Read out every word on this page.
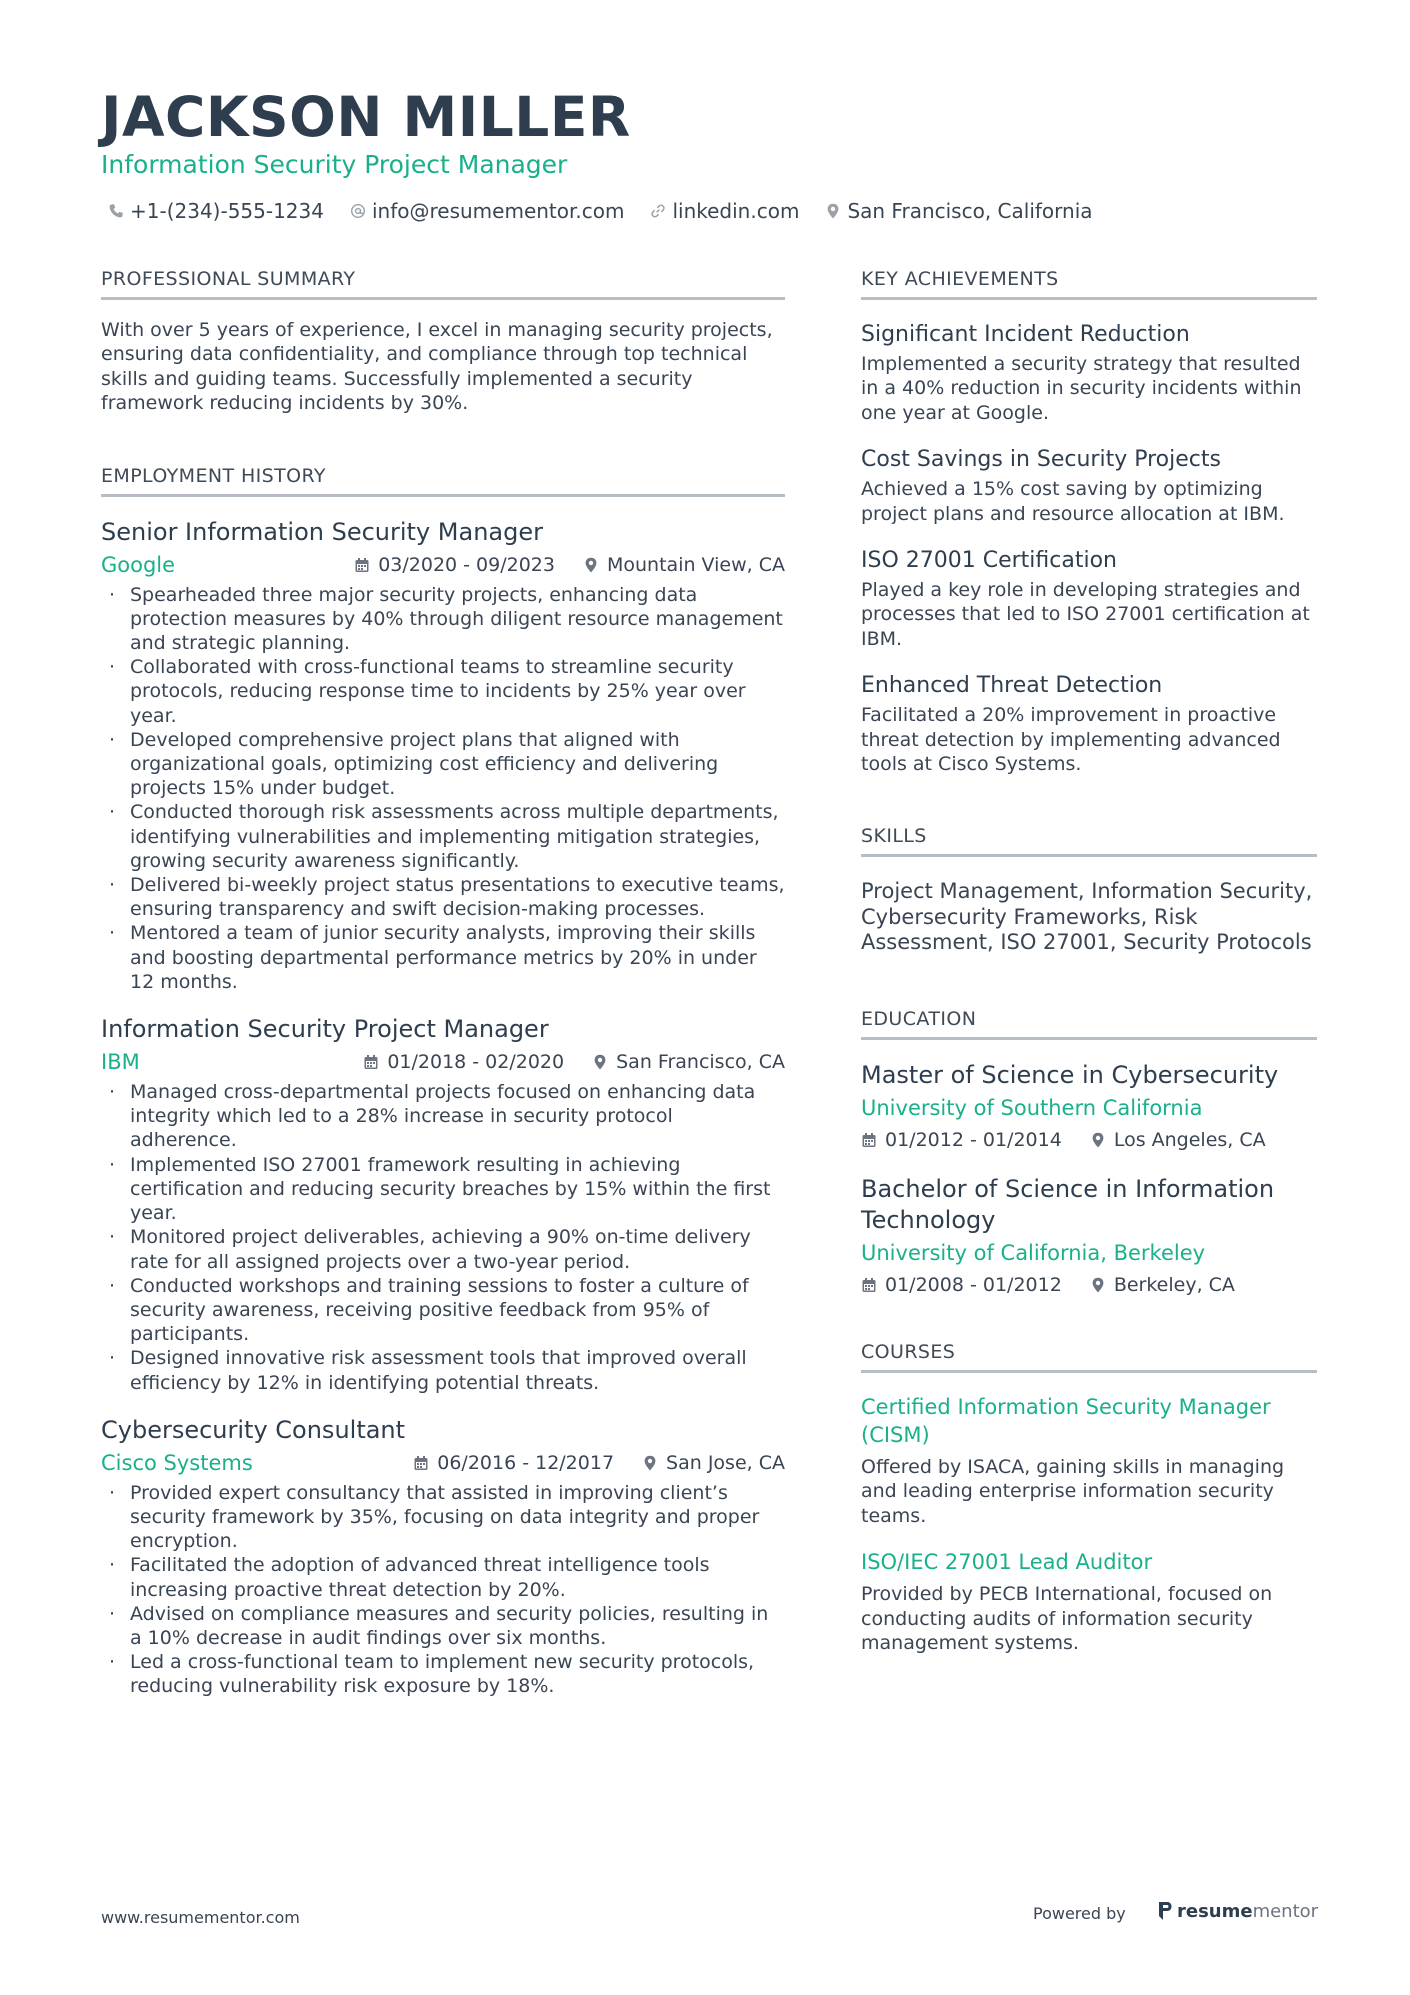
JACKSON MILLER
Information Security Project Manager
+1-(234)-555-1234 info@resumementor.com linkedin.com San Francisco, California
PROFESSIONAL SUMMARY
With over 5 years of experience, I excel in managing security projects, ensuring data confidentiality, and compliance through top technical skills and guiding teams. Successfully implemented a security framework reducing incidents by 30%.
EMPLOYMENT HISTORY
Senior Information Security Manager
Google	03/2020 - 09/2023	Mountain View, CA
· Spearheaded three major security projects, enhancing data protection measures by 40% through diligent resource management and strategic planning.
· Collaborated with cross-functional teams to streamline security protocols, reducing response time to incidents by 25% year over year.
· Developed comprehensive project plans that aligned with organizational goals, optimizing cost efficiency and delivering projects 15% under budget.
· Conducted thorough risk assessments across multiple departments, identifying vulnerabilities and implementing mitigation strategies, growing security awareness significantly.
· Delivered bi-weekly project status presentations to executive teams, ensuring transparency and swift decision-making processes.
· Mentored a team of junior security analysts, improving their skills and boosting departmental performance metrics by 20% in under 12 months.
Information Security Project Manager
IBM	01/2018 - 02/2020	San Francisco, CA
· Managed cross-departmental projects focused on enhancing data integrity which led to a 28% increase in security protocol adherence.
· Implemented ISO 27001 framework resulting in achieving certification and reducing security breaches by 15% within the first year.
· Monitored project deliverables, achieving a 90% on-time delivery rate for all assigned projects over a two-year period.
· Conducted workshops and training sessions to foster a culture of security awareness, receiving positive feedback from 95% of participants.
· Designed innovative risk assessment tools that improved overall efficiency by 12% in identifying potential threats.
Cybersecurity Consultant
Cisco Systems	06/2016 - 12/2017	San Jose, CA
· Provided expert consultancy that assisted in improving client’s security framework by 35%, focusing on data integrity and proper encryption.
· Facilitated the adoption of advanced threat intelligence tools increasing proactive threat detection by 20%.
· Advised on compliance measures and security policies, resulting in a 10% decrease in audit findings over six months.
· Led a cross-functional team to implement new security protocols, reducing vulnerability risk exposure by 18%.
KEY ACHIEVEMENTS
Significant Incident Reduction
Implemented a security strategy that resulted in a 40% reduction in security incidents within one year at Google.
Cost Savings in Security Projects
Achieved a 15% cost saving by optimizing project plans and resource allocation at IBM.
ISO 27001 Certification
Played a key role in developing strategies and processes that led to ISO 27001 certification at IBM.
Enhanced Threat Detection
Facilitated a 20% improvement in proactive threat detection by implementing advanced tools at Cisco Systems.
SKILLS
Project Management, Information Security, Cybersecurity Frameworks, Risk Assessment, ISO 27001, Security Protocols
EDUCATION
Master of Science in Cybersecurity
University of Southern California
01/2012 - 01/2014	Los Angeles, CA
Bachelor of Science in Information Technology
University of California, Berkeley
01/2008 - 01/2012	Berkeley, CA
COURSES
Certified Information Security Manager (CISM)
Offered by ISACA, gaining skills in managing and leading enterprise information security teams.
ISO/IEC 27001 Lead Auditor
Provided by PECB International, focused on conducting audits of information security management systems.
www.resumementor.com	Powered by	resume mentor
